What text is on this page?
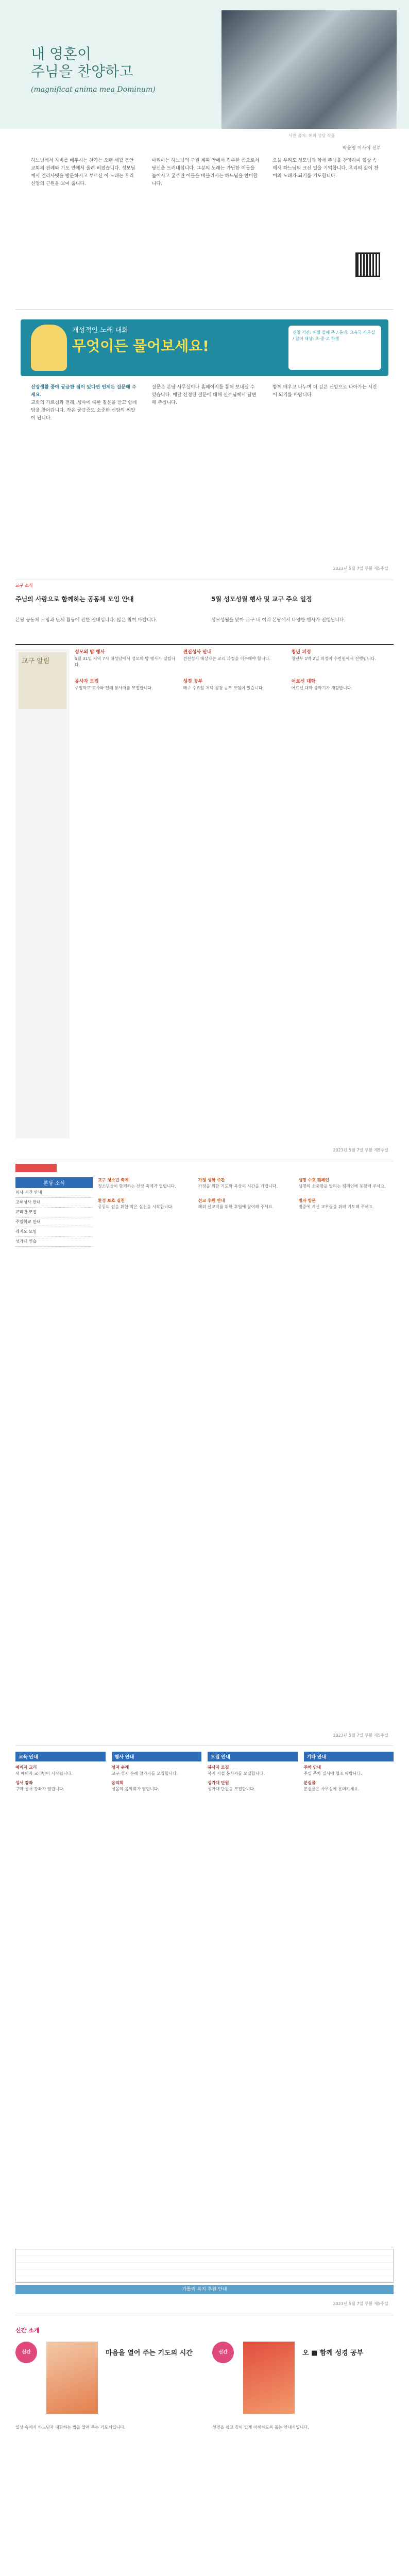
내 영혼이
주님을 찬양하고
(magnificat anima mea Dominum)
사진 출처: 해외 성당 작품
박윤영 이사야 신부
하느님께서 자비를 베푸시는 찬가는 오랜 세월 동안 교회의 전례와 기도 안에서 울려 퍼졌습니다. 성모님께서 엘리사벳을 방문하시고 부르신 이 노래는 우리 신앙의 근원을 보여 줍니다.
마리아는 하느님의 구원 계획 안에서 겸손한 종으로서 당신을 드러내십니다. 그분의 노래는 가난한 이들을 높이시고 굶주린 이들을 배불리시는 하느님을 찬미합니다.
오늘 우리도 성모님과 함께 주님을 찬양하며 일상 속에서 하느님의 크신 일을 기억합니다. 우리의 삶이 찬미의 노래가 되기를 기도합니다.
개성적인 노래 대회
무엇이든 물어보세요!
신청 기간: 매월 둘째 주 / 문의: 교육국 사무실 / 참여 대상: 초·중·고 학생
신앙생활 중에 궁금한 점이 있다면 언제든 질문해 주세요.
교회의 가르침과 전례, 성사에 대한 질문을 받고 함께 답을 찾아갑니다. 작은 궁금증도 소중한 신앙의 씨앗이 됩니다.
질문은 본당 사무실이나 홈페이지를 통해 보내실 수 있습니다. 매달 선정된 질문에 대해 신부님께서 답변해 주십니다.
함께 배우고 나누며 더 깊은 신앙으로 나아가는 시간이 되기를 바랍니다.
2023년 5월 7일 부활 제5주일
교구 소식
주님의 사랑으로 함께하는 공동체 모임 안내	5월 성모성월 행사 및 교구 주요 일정
본당 공동체 모임과 단체 활동에 관한 안내입니다. 많은 참여 바랍니다.	성모성월을 맞아 교구 내 여러 본당에서 다양한 행사가 진행됩니다.
교구 알림
성모의 밤 행사
5월 31일 저녁 7시 대성당에서 성모의 밤 행사가 열립니다.
견진성사 안내
견진성사 대상자는 교리 과정을 이수해야 합니다.
청년 피정
청년부 1박 2일 피정이 수련원에서 진행됩니다.
봉사자 모집
주일학교 교사와 전례 봉사자를 모집합니다.
성경 공부
매주 수요일 저녁 성경 공부 모임이 있습니다.
어르신 대학
어르신 대학 봄학기가 개강합니다.
2023년 5월 7일 부활 제5주일
본당 소식
미사 시간 안내
고해성사 안내
교리반 모집
주일학교 안내
레지오 모임
성가대 연습
교구 청소년 축제
청소년들이 함께하는 신앙 축제가 열립니다.
가정 성화 주간
가정을 위한 기도와 묵상의 시간을 가집니다.
생명 수호 캠페인
생명의 소중함을 알리는 캠페인에 동참해 주세요.
환경 보호 실천
공동의 집을 위한 작은 실천을 시작합니다.
선교 후원 안내
해외 선교지를 위한 후원에 참여해 주세요.
병자 방문
병중에 계신 교우들을 위해 기도해 주세요.
2023년 5월 7일 부활 제5주일
교육 안내
예비자 교리
새 예비자 교리반이 시작됩니다.
성서 강좌
구약 성서 강좌가 열립니다.
행사 안내
성지 순례
교구 성지 순례 참가자를 모집합니다.
음악회
성음악 음악회가 열립니다.
모집 안내
봉사자 모집
복지 시설 봉사자를 모집합니다.
성가대 단원
성가대 단원을 모집합니다.
기타 안내
주차 안내
주일 주차 질서에 협조 바랍니다.
분실물
분실물은 사무실에 문의하세요.
가톨릭 복지 후원 안내
2023년 5월 7일 부활 제5주일
신간 소개
신간	마음을 열어 주는 기도의 시간
일상 속에서 하느님과 대화하는 법을 알려 주는 기도서입니다.
신간	오 ■ 함께 성경 공부
성경을 쉽고 깊이 있게 이해하도록 돕는 안내서입니다.
